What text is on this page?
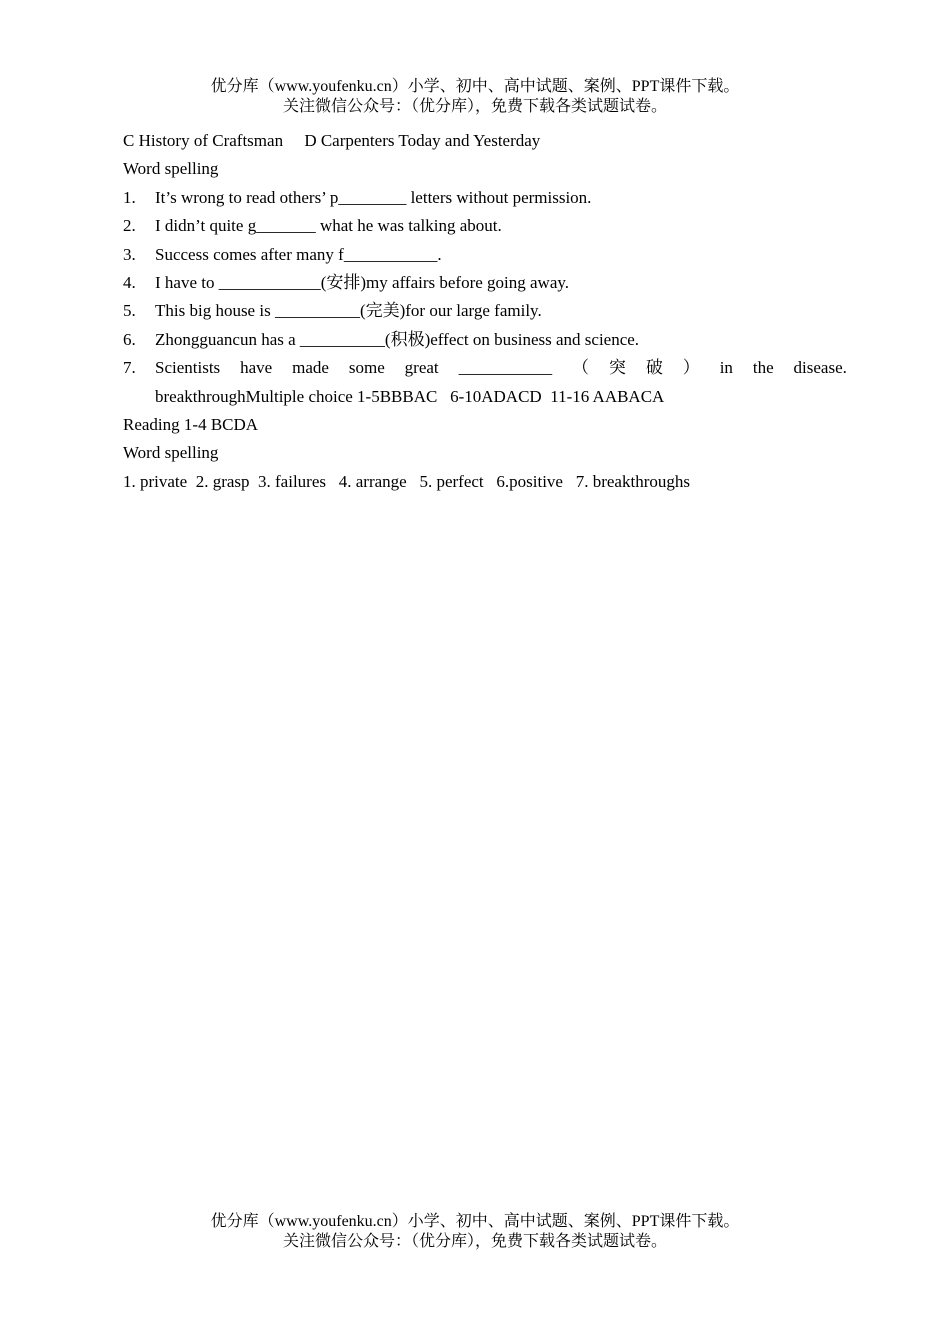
优分库（www.youfenku.cn）小学、初中、高中试题、案例、PPT课件下载。
关注微信公众号：（优分库），免费下载各类试题试卷。
C History of Craftsman     D Carpenters Today and Yesterday
Word spelling
1.	It’s wrong to read others’ p________ letters without permission.
2.	I didn’t quite g_______ what he was talking about.
3.	Success comes after many f___________.
4.	I have to ____________(安排)my affairs before going away.
5.	This big house is __________(完美)for our large family.
6.	Zhongguancun has a __________(积极)effect on business and science.
7.	Scientists have made some great ___________ （ 突 破 ） in the disease.
breakthroughMultiple choice 1-5BBBAC   6-10ADACD  11-16 AABACA
Reading 1-4 BCDA
Word spelling
1. private  2. grasp  3. failures   4. arrange   5. perfect   6.positive   7. breakthroughs
优分库（www.youfenku.cn）小学、初中、高中试题、案例、PPT课件下载。
关注微信公众号：（优分库），免费下载各类试题试卷。
